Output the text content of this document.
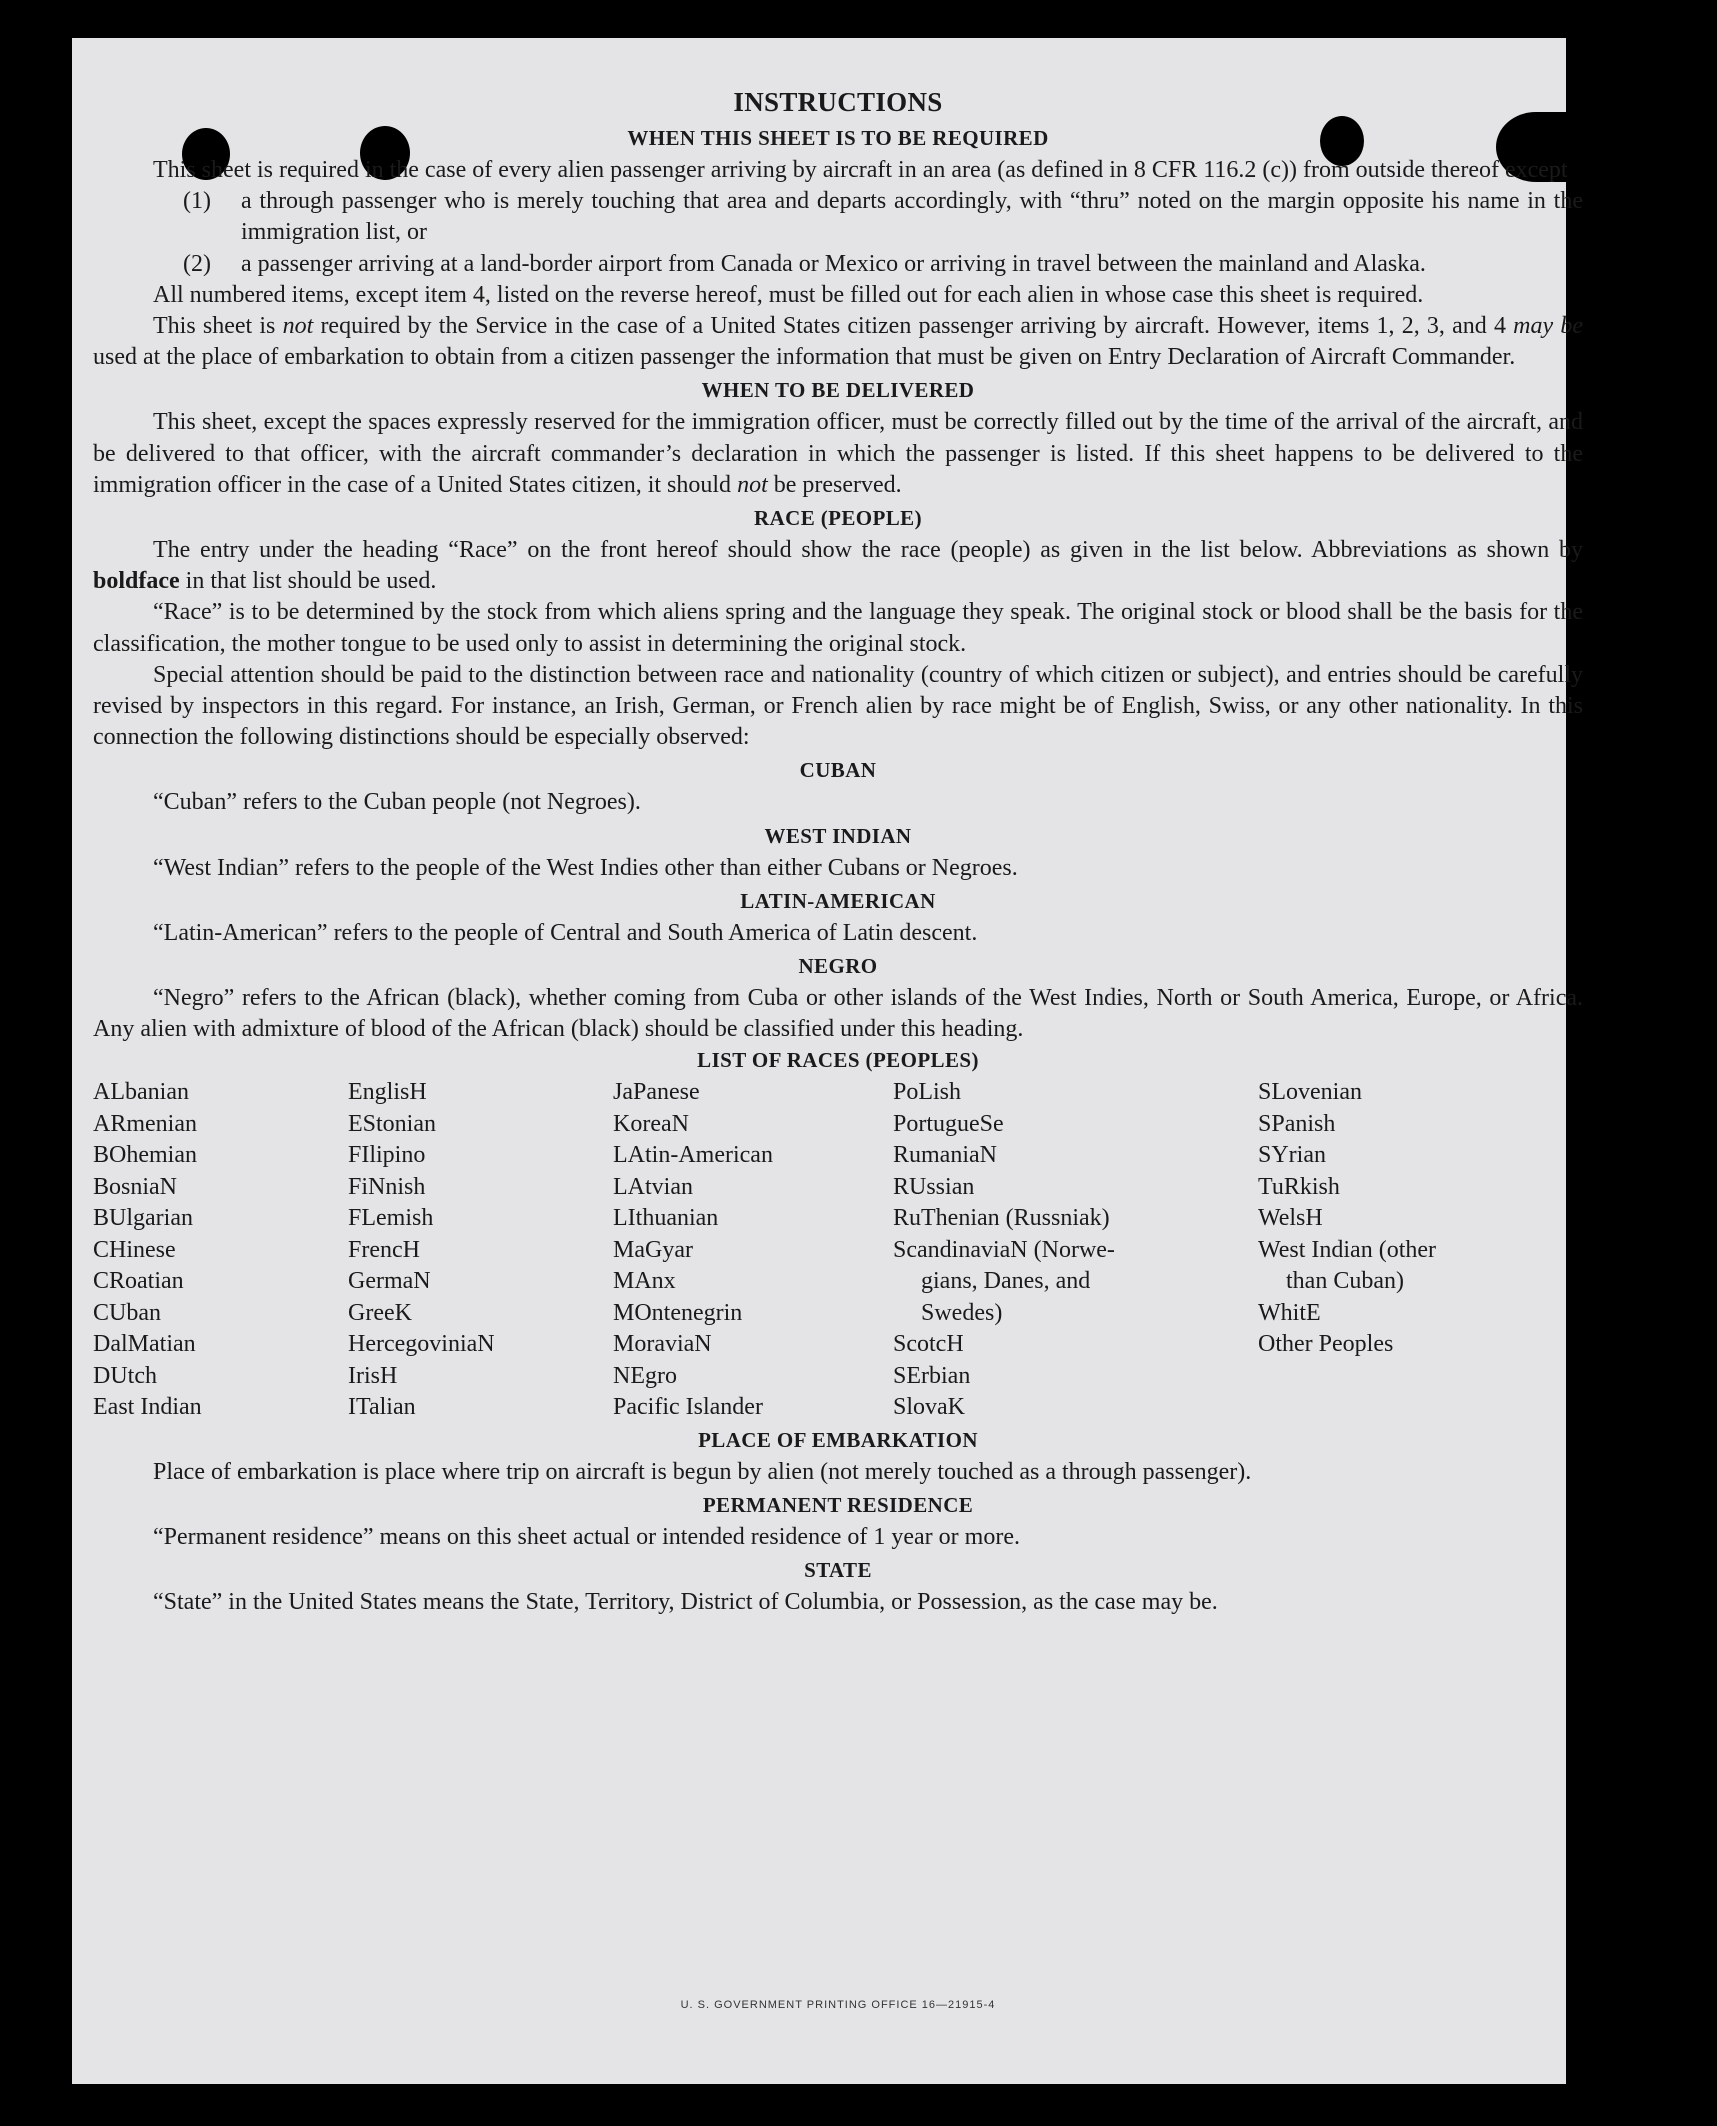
INSTRUCTIONS
WHEN THIS SHEET IS TO BE REQUIRED

This sheet is required in the case of every alien passenger arriving by aircraft in an area (as defined in 8 CFR 116.2 (c)) from outside thereof except

(1)	a through passenger who is merely touching that area and departs accordingly, with “thru” noted on the margin opposite his name in the immigration list, or
(2)	a passenger arriving at a land-border airport from Canada or Mexico or arriving in travel between the mainland and Alaska.

All numbered items, except item 4, listed on the reverse hereof, must be filled out for each alien in whose case this sheet is required.

This sheet is not required by the Service in the case of a United States citizen passenger arriving by aircraft. However, items 1, 2, 3, and 4 may be used at the place of embarkation to obtain from a citizen passenger the information that must be given on Entry Declaration of Aircraft Commander.

WHEN TO BE DELIVERED

This sheet, except the spaces expressly reserved for the immigration officer, must be correctly filled out by the time of the arrival of the aircraft, and be delivered to that officer, with the aircraft commander’s declaration in which the passenger is listed. If this sheet happens to be delivered to the immigration officer in the case of a United States citizen, it should not be preserved.

RACE (PEOPLE)

The entry under the heading “Race” on the front hereof should show the race (people) as given in the list below. Abbreviations as shown by boldface in that list should be used.

“Race” is to be determined by the stock from which aliens spring and the language they speak. The original stock or blood shall be the basis for the classification, the mother tongue to be used only to assist in determining the original stock.

Special attention should be paid to the distinction between race and nationality (country of which citizen or subject), and entries should be carefully revised by inspectors in this regard. For instance, an Irish, German, or French alien by race might be of English, Swiss, or any other nationality. In this connection the following distinctions should be especially observed:

CUBAN

“Cuban” refers to the Cuban people (not Negroes).

WEST INDIAN

“West Indian” refers to the people of the West Indies other than either Cubans or Negroes.

LATIN-AMERICAN

“Latin-American” refers to the people of Central and South America of Latin descent.

NEGRO

“Negro” refers to the African (black), whether coming from Cuba or other islands of the West Indies, North or South America, Europe, or Africa. Any alien with admixture of blood of the African (black) should be classified under this heading.

LIST OF RACES (PEOPLES)
ALbanian
ARmenian
BOhemian
BosniaN
BUlgarian
CHinese
CRoatian
CUban
DalMatian
DUtch
East Indian
EnglisH
EStonian
FIlipino
FiNnish
FLemish
FrencH
GermaN
GreeK
HercegoviniaN
IrisH
ITalian
JaPanese
KoreaN
LAtin-American
LAtvian
LIthuanian
MaGyar
MAnx
MOntenegrin
MoraviaN
NEgro
Pacific Islander
PoLish
PortugueSe
RumaniaN
RUssian
RuThenian (Russniak)
ScandinaviaN (Norwe-
gians, Danes, and
Swedes)
ScotcH
SErbian
SlovaK
SLovenian
SPanish
SYrian
TuRkish
WelsH
West Indian (other
than Cuban)
WhitE
Other Peoples
PLACE OF EMBARKATION

Place of embarkation is place where trip on aircraft is begun by alien (not merely touched as a through passenger).

PERMANENT RESIDENCE

“Permanent residence” means on this sheet actual or intended residence of 1 year or more.

STATE

“State” in the United States means the State, Territory, District of Columbia, or Possession, as the case may be.

U. S. GOVERNMENT PRINTING OFFICE 16—21915-4
